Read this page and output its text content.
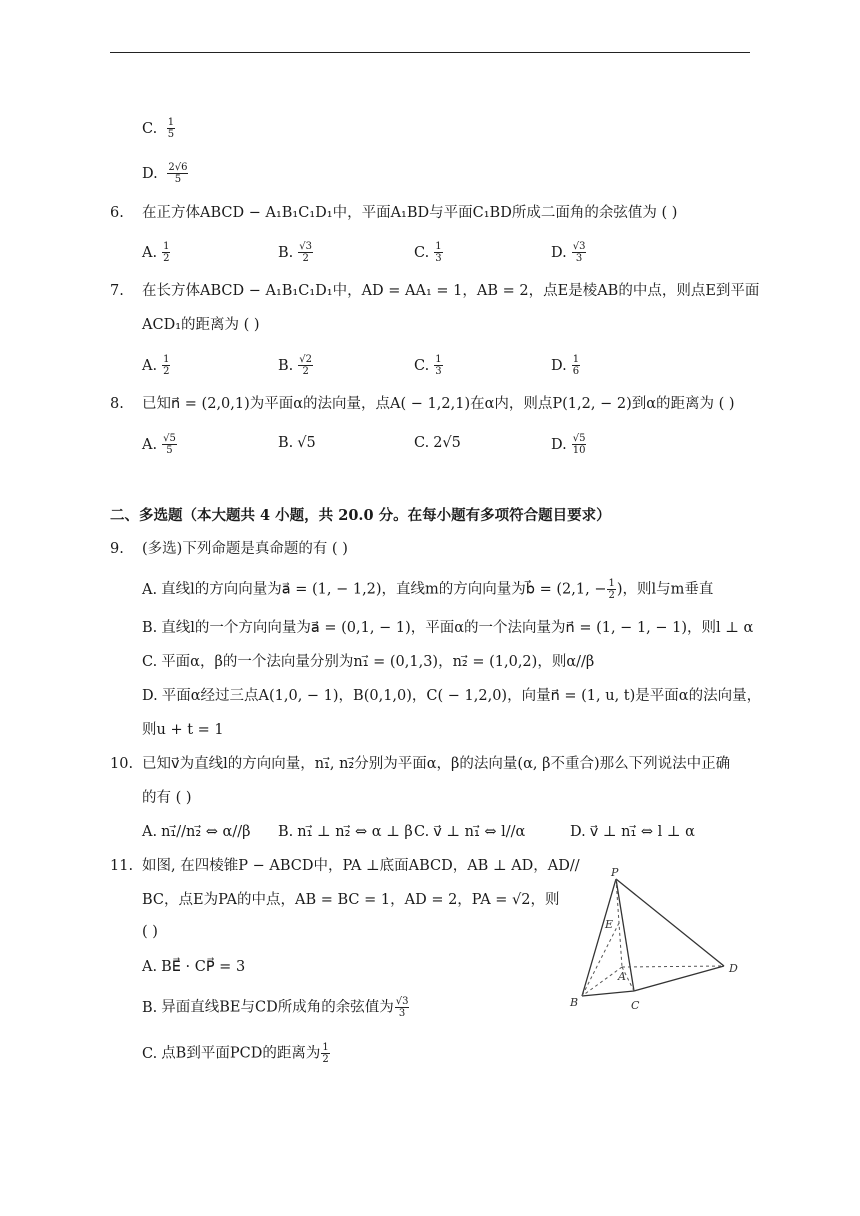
C. $\frac{1}{5}$
D. $\frac{2√6}{5}$
6. 在正方体ABCD − A₁B₁C₁D₁中，平面A₁BD与平面C₁BD所成二面角的余弦值为 ( )
A. $\frac{1}{2}$	B. $\frac{√3}{2}$	C. $\frac{1}{3}$	D. $\frac{√3}{3}$
7. 在长方体ABCD − A₁B₁C₁D₁中，AD = AA₁ = 1，AB = 2，点E是棱AB的中点，则点E到平面
ACD₁的距离为 ( )
A. $\frac{1}{2}$	B. $\frac{√2}{2}$	C. $\frac{1}{3}$	D. $\frac{1}{6}$
8. 已知n⃗ = (2,0,1)为平面α的法向量，点A( − 1,2,1)在α内，则点P(1,2, − 2)到α的距离为 ( )
A. $\frac{√5}{5}$	B. √5	C. 2√5	D. $\frac{√5}{10}$
二、多选题（本大题共 4 小题，共 20.0 分。在每小题有多项符合题目要求）
9. (多选)下列命题是真命题的有 ( )
A. 直线l的方向向量为a⃗ = (1, − 1,2)，直线m的方向向量为b⃗ = (2,1, − $\frac{1}{2}$ )，则l与m垂直
B. 直线l的一个方向向量为a⃗ = (0,1, − 1)，平面α的一个法向量为n⃗ = (1, − 1, − 1)，则l ⊥ α
C. 平面α，β的一个法向量分别为n₁⃗ = (0,1,3)，n₂⃗ = (1,0,2)，则α//β
D. 平面α经过三点A(1,0, − 1)，B(0,1,0)，C( − 1,2,0)，向量n⃗ = (1, u, t)是平面α的法向量，
则u + t = 1
10. 已知v⃗为直线l的方向向量，n₁⃗, n₂⃗分别为平面α，β的法向量(α, β不重合)那么下列说法中正确
的有 ( )
A. n₁⃗//n₂⃗ ⇔ α//β B. n₁⃗ ⊥ n₂⃗ ⇔ α ⊥ β C. v⃗ ⊥ n₁⃗ ⇔ l//α	D. v⃗ ⊥ n₁⃗ ⇔ l ⊥ α
11. 如图, 在四棱锥P − ABCD中，PA ⊥底面ABCD，AB ⊥ AD，AD//
BC，点E为PA的中点，AB = BC = 1，AD = 2，PA = √2，则
( )
A. BE⃗ · CP⃗ = 3
B. 异面直线BE与CD所成角的余弦值为 $\frac{√3}{3}$
C. 点B到平面PCD的距离为 $\frac{1}{2}$
P
E
A
B	C
D
